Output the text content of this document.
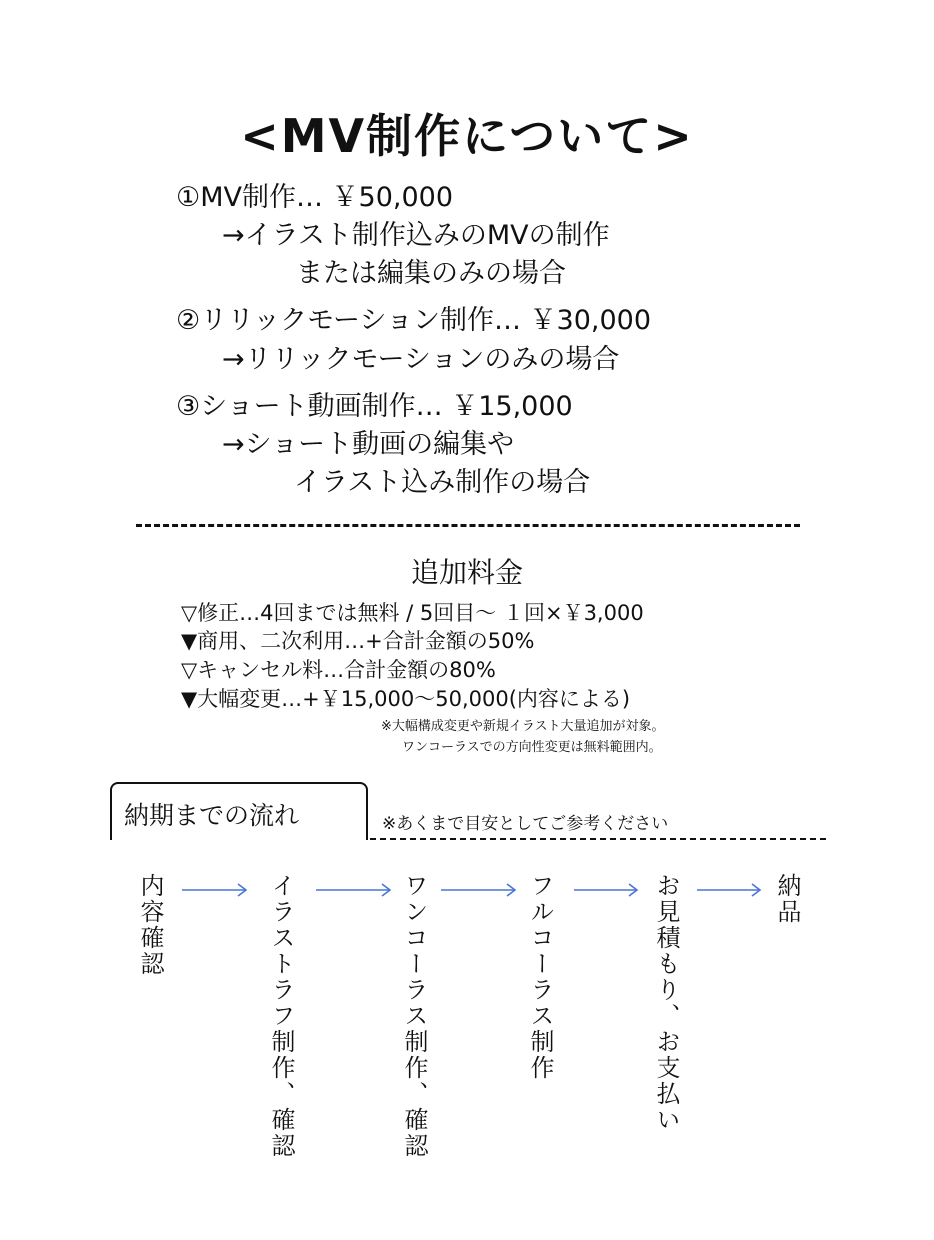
<MV制作について>
①MV制作… ￥50,000
→イラスト制作込みのMVの制作
または編集のみの場合
②リリックモーション制作… ￥30,000
→リリックモーションのみの場合
③ショート動画制作… ￥15,000
→ショート動画の編集や
イラスト込み制作の場合
追加料金
▽修正…4回までは無料 / 5回目〜 １回×￥3,000
▼商用、二次利用…+合計金額の50%
▽キャンセル料…合計金額の80%
▼大幅変更…+￥15,000〜50,000(内容による)
※大幅構成変更や新規イラスト大量追加が対象。
ワンコーラスでの方向性変更は無料範囲内。
納期までの流れ	※あくまで目安としてご参考ください
内容確認	イラストラフ制作、確認	ワンコーラス制作、確認	フルコーラス制作	お見積もり、お支払い	納品
